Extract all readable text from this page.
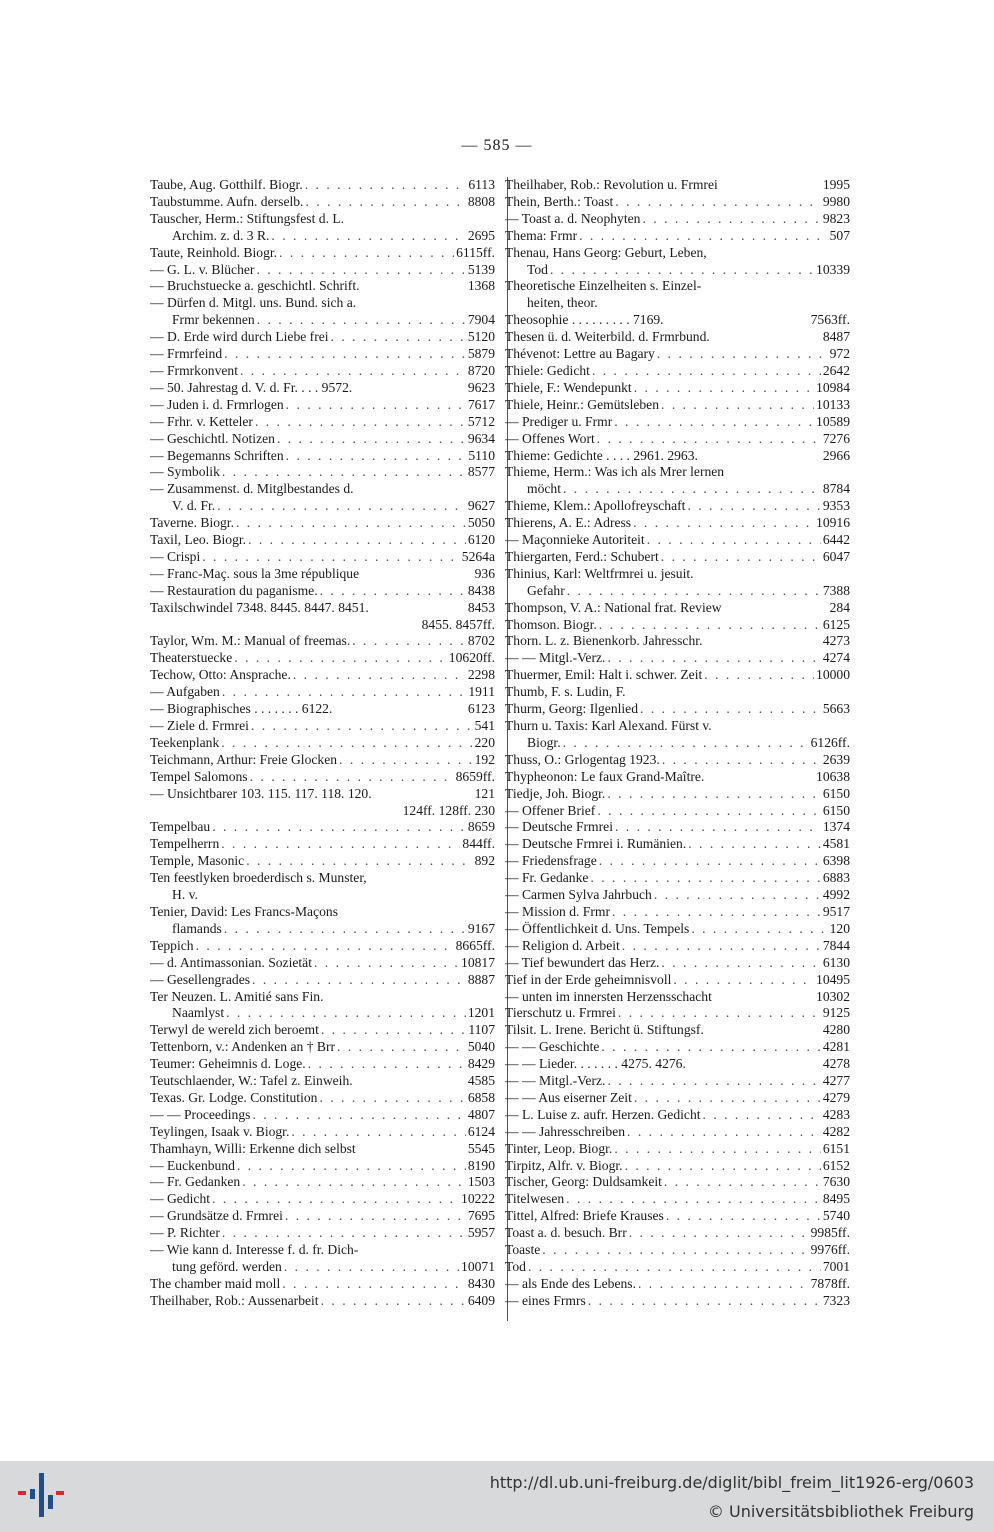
— 585 —
Taube, Aug. Gotthilf. Biogr. . . .	6113
Taubstumme. Aufn. derselb. . . .	8808
Tauscher, Herm.: Stiftungsfest d. L.
Archim. z. d. 3 R. . . .	2695
Taute, Reinhold. Biogr. . . .	6115ff.
— G. L. v. Blücher . . .	5139
— Bruchstuecke a. geschichtl. Schrift.	1368
— Dürfen d. Mitgl. uns. Bund. sich a.
Frmr bekennen . . .	7904
— D. Erde wird durch Liebe frei . . .	5120
— Frmrfeind . . .	5879
— Frmrkonvent . . .	8720
— 50. Jahrestag d. V. d. Fr. . . . 9572.	9623
— Juden i. d. Frmrlogen . . .	7617
— Frhr. v. Ketteler . . .	5712
— Geschichtl. Notizen . . .	9634
— Begemanns Schriften . . .	5110
— Symbolik . . .	8577
— Zusammenst. d. Mitglbestandes d.
V. d. Fr. . . .	9627
Taverne. Biogr. . . .	5050
Taxil, Leo. Biogr. . . .	6120
— Crispi . . .	5264a
— Franc-Maç. sous la 3me république	936
— Restauration du paganisme. . . .	8438
Taxilschwindel 7348. 8445. 8447. 8451.	8453
8455. 8457ff.
Taylor, Wm. M.: Manual of freemas. . . .	8702
Theaterstuecke . . .	10620ff.
Techow, Otto: Ansprache. . . .	2298
— Aufgaben . . .	1911
— Biographisches . . . . . . . 6122.	6123
— Ziele d. Frmrei . . .	541
Teekenplank . . .	220
Teichmann, Arthur: Freie Glocken . . .	192
Tempel Salomons . . .	8659ff.
— Unsichtbarer 103. 115. 117. 118. 120.	121
124ff. 128ff. 230
Tempelbau . . .	8659
Tempelherrn . . .	844ff.
Temple, Masonic . . .	892
Ten feestlyken broederdisch s. Munster,
H. v.
Tenier, David: Les Francs-Maçons
flamands . . .	9167
Teppich . . .	8665ff.
— d. Antimassonian. Sozietät . . .	10817
— Gesellengrades . . .	8887
Ter Neuzen. L. Amitié sans Fin.
Naamlyst . . .	1201
Terwyl de wereld zich beroemt . . .	1107
Tettenborn, v.: Andenken an † Brr . . .	5040
Teumer: Geheimnis d. Loge. . . .	8429
Teutschlaender, W.: Tafel z. Einweih.	4585
Texas. Gr. Lodge. Constitution . . .	6858
— — Proceedings . . .	4807
Teylingen, Isaak v. Biogr. . . .	6124
Thamhayn, Willi: Erkenne dich selbst	5545
— Euckenbund . . .	8190
— Fr. Gedanken . . .	1503
— Gedicht . . .	10222
— Grundsätze d. Frmrei . . .	7695
— P. Richter . . .	5957
— Wie kann d. Interesse f. d. fr. Dich-
tung geförd. werden . . .	10071
The chamber maid moll . . .	8430
Theilhaber, Rob.: Aussenarbeit . . .	6409
Theilhaber, Rob.: Revolution u. Frmrei	1995
Thein, Berth.: Toast . . .	9980
— Toast a. d. Neophyten . . .	9823
Thema: Frmr . . .	507
Thenau, Hans Georg: Geburt, Leben,
Tod . . .	10339
Theoretische Einzelheiten s. Einzel-
heiten, theor.
Theosophie . . . . . . . . . 7169.	7563ff.
Thesen ü. d. Weiterbild. d. Frmrbund.	8487
Thévenot: Lettre au Bagary . . .	972
Thiele: Gedicht . . .	2642
Thiele, F.: Wendepunkt . . .	10984
Thiele, Heinr.: Gemütsleben . . .	10133
— Prediger u. Frmr . . .	10589
— Offenes Wort . . .	7276
Thieme: Gedichte . . . . 2961. 2963.	2966
Thieme, Herm.: Was ich als Mrer lernen
möcht . . .	8784
Thieme, Klem.: Apollofreyschaft . . .	9353
Thierens, A. E.: Adress . . .	10916
— Maçonnieke Autoriteit . . .	6442
Thiergarten, Ferd.: Schubert . . .	6047
Thinius, Karl: Weltfrmrei u. jesuit.
Gefahr . . .	7388
Thompson, V. A.: National frat. Review	284
Thomson. Biogr. . . .	6125
Thorn. L. z. Bienenkorb. Jahresschr.	4273
— — Mitgl.-Verz. . . .	4274
Thuermer, Emil: Halt i. schwer. Zeit . . .	10000
Thumb, F. s. Ludin, F.
Thurm, Georg: Ilgenlied . . .	5663
Thurn u. Taxis: Karl Alexand. Fürst v.
Biogr. . . .	6126ff.
Thuss, O.: Grlogentag 1923. . . .	2639
Thypheonon: Le faux Grand-Maître.	10638
Tiedje, Joh. Biogr. . . .	6150
— Offener Brief . . .	6150
— Deutsche Frmrei . . .	1374
— Deutsche Frmrei i. Rumänien. . . .	4581
— Friedensfrage . . .	6398
— Fr. Gedanke . . .	6883
— Carmen Sylva Jahrbuch . . .	4992
— Mission d. Frmr . . .	9517
— Öffentlichkeit d. Uns. Tempels . . .	120
— Religion d. Arbeit . . .	7844
— Tief bewundert das Herz. . . .	6130
Tief in der Erde geheimnisvoll . . .	10495
— unten im innersten Herzensschacht	10302
Tierschutz u. Frmrei . . .	9125
Tilsit. L. Irene. Bericht ü. Stiftungsf.	4280
— — Geschichte . . .	4281
— — Lieder. . . . . . . 4275. 4276.	4278
— — Mitgl.-Verz. . . .	4277
— — Aus eiserner Zeit . . .	4279
— L. Luise z. aufr. Herzen. Gedicht . . .	4283
— — Jahresschreiben . . .	4282
Tinter, Leop. Biogr. . . .	6151
Tirpitz, Alfr. v. Biogr. . . .	6152
Tischer, Georg: Duldsamkeit . . .	7630
Titelwesen . . .	8495
Tittel, Alfred: Briefe Krauses . . .	5740
Toast a. d. besuch. Brr . . .	9985ff.
Toaste . . .	9976ff.
Tod . . .	7001
— als Ende des Lebens. . . .	7878ff.
— eines Frmrs . . .	7323
http://dl.ub.uni-freiburg.de/diglit/bibl_freim_lit1926-erg/0603
© Universitätsbibliothek Freiburg
